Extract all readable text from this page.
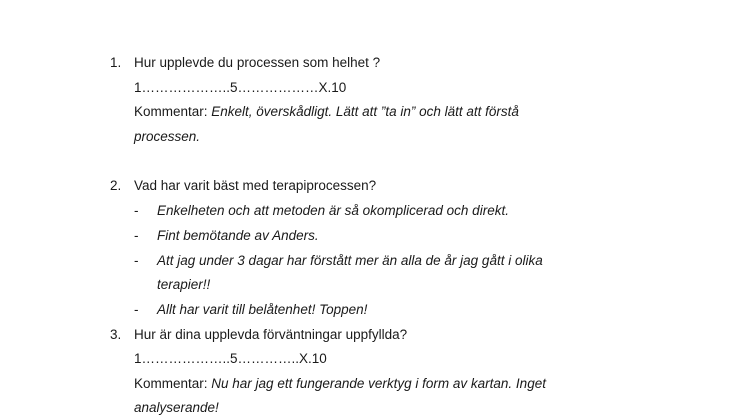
1. Hur upplevde du processen som helhet ?
1………………..5………………X.10
Kommentar: Enkelt, överskådligt. Lätt att ”ta in” och lätt att förstå
processen.
2. Vad har varit bäst med terapiprocessen?
- Enkelheten och att metoden är så okomplicerad och direkt.
- Fint bemötande av Anders.
- Att jag under 3 dagar har förstått mer än alla de år jag gått i olika
terapier!!
- Allt har varit till belåtenhet! Toppen!
3. Hur är dina upplevda förväntningar uppfyllda?
1………………..5…………..X.10
Kommentar: Nu har jag ett fungerande verktyg i form av kartan. Inget
analyserande!
